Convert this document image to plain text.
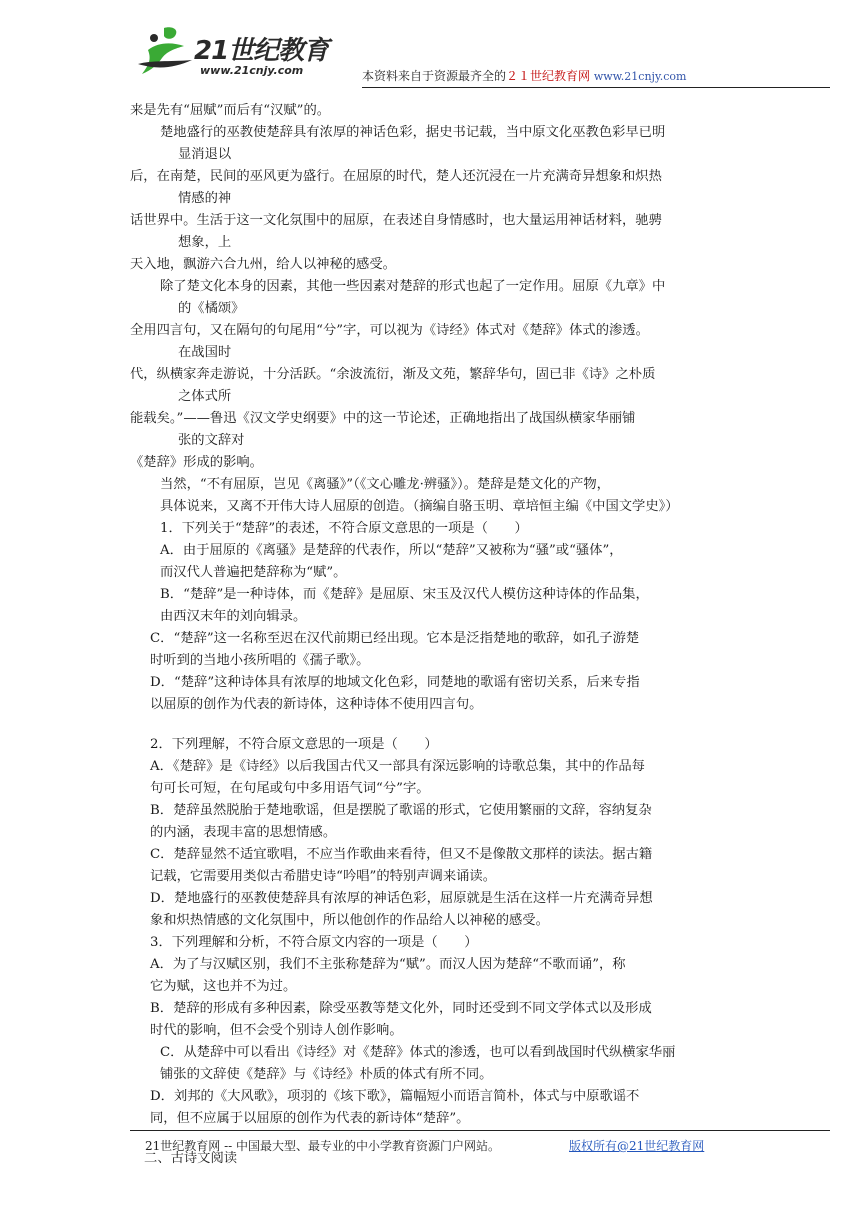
21世纪教育
www.21cnjy.com	本资料来自于资源最齐全的２１世纪教育网 www.21cnjy.com

来是先有“屈赋”而后有“汉赋”的。

楚地盛行的巫教使楚辞具有浓厚的神话色彩，据史书记载，当中原文化巫教色彩早已明

显消退以

后，在南楚，民间的巫风更为盛行。在屈原的时代，楚人还沉浸在一片充满奇异想象和炽热

情感的神

话世界中。生活于这一文化氛围中的屈原，在表述自身情感时，也大量运用神话材料，驰骋

想象，上

天入地，飘游六合九州，给人以神秘的感受。

除了楚文化本身的因素，其他一些因素对楚辞的形式也起了一定作用。屈原《九章》中

的《橘颂》

全用四言句，又在隔句的句尾用“兮”字，可以视为《诗经》体式对《楚辞》体式的渗透。

在战国时

代，纵横家奔走游说，十分活跃。“余波流衍，渐及文苑，繁辞华句，固已非《诗》之朴质

之体式所

能载矣。”——鲁迅《汉文学史纲要》中的这一节论述，正确地指出了战国纵横家华丽铺

张的文辞对

《楚辞》形成的影响。

当然，“不有屈原，岂见《离骚》”（《文心雕龙·辨骚》）。楚辞是楚文化的产物，

具体说来，又离不开伟大诗人屈原的创造。（摘编自骆玉明、章培恒主编《中国文学史》）

1．下列关于“楚辞”的表述，不符合原文意思的一项是（　　）

A．由于屈原的《离骚》是楚辞的代表作，所以“楚辞”又被称为“骚”或“骚体”，

而汉代人普遍把楚辞称为“赋”。

B．“楚辞”是一种诗体，而《楚辞》是屈原、宋玉及汉代人模仿这种诗体的作品集，

由西汉末年的刘向辑录。

C．“楚辞”这一名称至迟在汉代前期已经出现。它本是泛指楚地的歌辞，如孔子游楚

时听到的当地小孩所唱的《孺子歌》。

D．“楚辞”这种诗体具有浓厚的地域文化色彩，同楚地的歌谣有密切关系，后来专指

以屈原的创作为代表的新诗体，这种诗体不使用四言句。

2．下列理解，不符合原文意思的一项是（　　）

A．《楚辞》是《诗经》以后我国古代又一部具有深远影响的诗歌总集，其中的作品每

句可长可短，在句尾或句中多用语气词“兮”字。

B．楚辞虽然脱胎于楚地歌谣，但是摆脱了歌谣的形式，它使用繁丽的文辞，容纳复杂

的内涵，表现丰富的思想情感。

C．楚辞显然不适宜歌唱，不应当作歌曲来看待，但又不是像散文那样的读法。据古籍

记载，它需要用类似古希腊史诗“吟唱”的特别声调来诵读。

D．楚地盛行的巫教使楚辞具有浓厚的神话色彩，屈原就是生活在这样一片充满奇异想

象和炽热情感的文化氛围中，所以他创作的作品给人以神秘的感受。

3．下列理解和分析，不符合原文内容的一项是（　　）

A．为了与汉赋区别，我们不主张称楚辞为“赋”。而汉人因为楚辞“不歌而诵”，称

它为赋，这也并不为过。

B．楚辞的形成有多种因素，除受巫教等楚文化外，同时还受到不同文学体式以及形成

时代的影响，但不会受个别诗人创作影响。

C．从楚辞中可以看出《诗经》对《楚辞》体式的渗透，也可以看到战国时代纵横家华丽

铺张的文辞使《楚辞》与《诗经》朴质的体式有所不同。

D．刘邦的《大风歌》，项羽的《垓下歌》，篇幅短小而语言简朴，体式与中原歌谣不

同，但不应属于以屈原的创作为代表的新诗体“楚辞”。

二、古诗文阅读

21世纪教育网 -- 中国最大型、最专业的中小学教育资源门户网站。	版权所有@21世纪教育网
